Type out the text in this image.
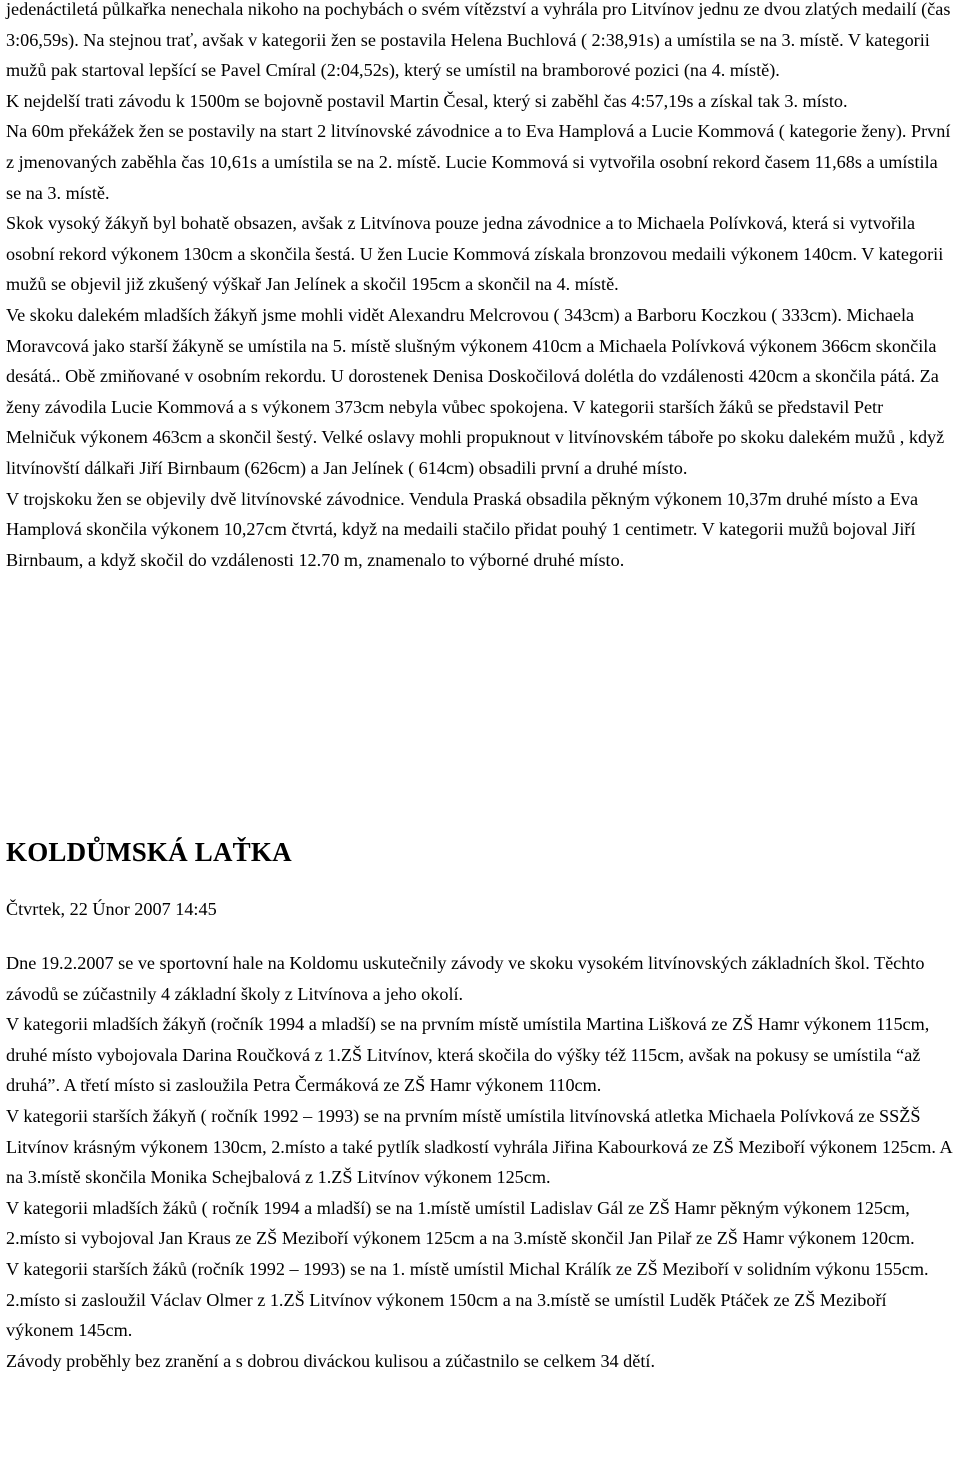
jedenáctiletá půlkařka nenechala nikoho na pochybách o svém vítězství a vyhrála pro Litvínov jednu ze dvou zlatých medailí (čas 3:06,59s). Na stejnou trať, avšak v kategorii žen se postavila Helena Buchlová ( 2:38,91s) a umístila se na 3. místě. V kategorii mužů pak startoval lepšící se Pavel Cmíral (2:04,52s), který se umístil na bramborové pozici (na 4. místě).

K nejdelší trati závodu k 1500m se bojovně postavil Martin Česal, který si zaběhl čas 4:57,19s a získal tak 3. místo.

Na 60m překážek žen se postavily na start 2 litvínovské závodnice a to Eva Hamplová a Lucie Kommová ( kategorie ženy). První z jmenovaných zaběhla čas 10,61s a umístila se na 2. místě. Lucie Kommová si vytvořila osobní rekord časem 11,68s a umístila se na 3. místě.

Skok vysoký žákyň byl bohatě obsazen, avšak z Litvínova pouze jedna závodnice a to Michaela Polívková, která si vytvořila osobní rekord výkonem 130cm a skončila šestá. U žen Lucie Kommová získala bronzovou medaili výkonem 140cm. V kategorii mužů se objevil již zkušený výškař Jan Jelínek a skočil 195cm a skončil na 4. místě.

Ve skoku dalekém mladších žákyň jsme mohli vidět Alexandru Melcrovou ( 343cm) a Barboru Koczkou ( 333cm). Michaela Moravcová jako starší žákyně se umístila na 5. místě slušným výkonem 410cm a Michaela Polívková výkonem 366cm skončila desátá.. Obě zmiňované v osobním rekordu. U dorostenek Denisa Doskočilová dolétla do vzdálenosti 420cm a skončila pátá. Za ženy závodila Lucie Kommová a s výkonem 373cm nebyla vůbec spokojena. V kategorii starších žáků se představil Petr Melničuk výkonem 463cm a skončil šestý. Velké oslavy mohli propuknout v litvínovském táboře po skoku dalekém mužů , když litvínovští dálkaři Jiří Birnbaum (626cm) a Jan Jelínek ( 614cm) obsadili první a druhé místo.

V trojskoku žen se objevily dvě litvínovské závodnice. Vendula Praská obsadila pěkným výkonem 10,37m druhé místo a Eva Hamplová skončila výkonem 10,27cm čtvrtá, když na medaili stačilo přidat pouhý 1 centimetr. V kategorii mužů bojoval Jiří Birnbaum, a když skočil do vzdálenosti 12.70 m, znamenalo to výborné druhé místo.

KOLDŮMSKÁ LAŤKA
Čtvrtek, 22 Únor 2007 14:45

Dne 19.2.2007 se ve sportovní hale na Koldomu uskutečnily závody ve skoku vysokém litvínovských základních škol. Těchto závodů se zúčastnily 4 základní školy z Litvínova a jeho okolí.

V kategorii mladších žákyň (ročník 1994 a mladší) se na prvním místě umístila Martina Lišková ze ZŠ Hamr výkonem 115cm, druhé místo vybojovala Darina Roučková z 1.ZŠ Litvínov, která skočila do výšky též 115cm, avšak na pokusy se umístila “až druhá”. A třetí místo si zasloužila Petra Čermáková ze ZŠ Hamr výkonem 110cm.

V kategorii starších žákyň ( ročník 1992 – 1993) se na prvním místě umístila litvínovská atletka Michaela Polívková ze SSŽŠ Litvínov krásným výkonem 130cm, 2.místo a také pytlík sladkostí vyhrála Jiřina Kabourková ze ZŠ Meziboří výkonem 125cm. A na 3.místě skončila Monika Schejbalová z 1.ZŠ Litvínov výkonem 125cm.

V kategorii mladších žáků ( ročník 1994 a mladší) se na 1.místě umístil Ladislav Gál ze ZŠ Hamr pěkným výkonem 125cm, 2.místo si vybojoval Jan Kraus ze ZŠ Meziboří výkonem 125cm a na 3.místě skončil Jan Pilař ze ZŠ Hamr výkonem 120cm.

V kategorii starších žáků (ročník 1992 – 1993) se na 1. místě umístil Michal Králík ze ZŠ Meziboří v solidním výkonu 155cm. 2.místo si zasloužil Václav Olmer z 1.ZŠ Litvínov výkonem 150cm a na 3.místě se umístil Luděk Ptáček ze ZŠ Meziboří výkonem 145cm.

Závody proběhly bez zranění a s dobrou diváckou kulisou a zúčastnilo se celkem 34 dětí.
